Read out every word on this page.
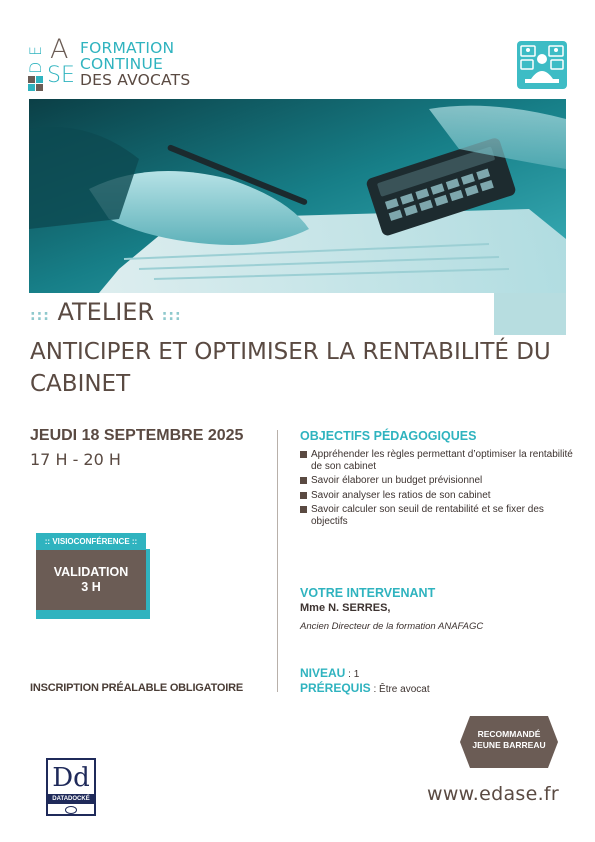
E
D
A
SE
FORMATION
CONTINUE
DES AVOCATS
::: ATELIER :::
ANTICIPER ET OPTIMISER LA RENTABILITÉ DU
CABINET
JEUDI 18 SEPTEMBRE 2025
17 H - 20 H
:: VISIOCONFÉRENCE ::
VALIDATION
3 H
INSCRIPTION PRÉALABLE OBLIGATOIRE
OBJECTIFS PÉDAGOGIQUES
Appréhender les règles permettant d’optimiser la rentabilité de son cabinet
Savoir élaborer un budget prévisionnel
Savoir analyser les ratios de son cabinet
Savoir calculer son seuil de rentabilité et se fixer des objectifs
VOTRE INTERVENANT
Mme N. SERRES,
Ancien Directeur de la formation ANAFAGC
NIVEAU : 1
PRÉREQUIS : Être avocat
RECOMMANDÉ
JEUNE BARREAU
Dd
DATADOCKÉ	www.edase.fr
